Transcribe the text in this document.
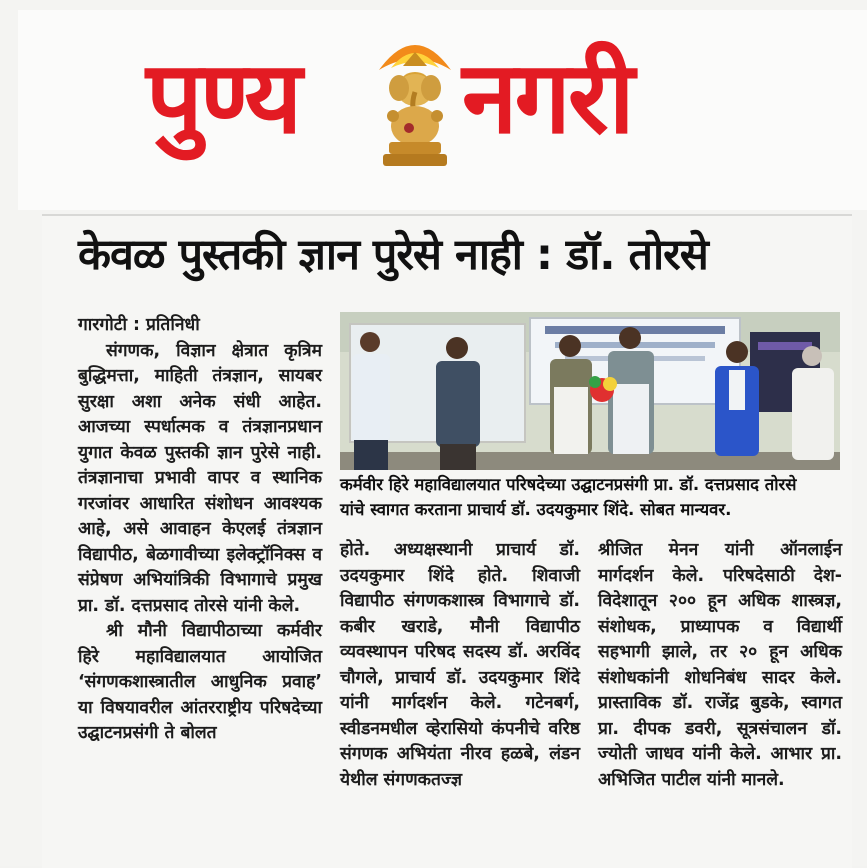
पुण्य नगरी
केवळ पुस्तकी ज्ञान पुरेसे नाही : डॉ. तोरसे

गारगोटी : प्रतिनिधी

संगणक, विज्ञान क्षेत्रात कृत्रिम बुद्धिमत्ता, माहिती तंत्रज्ञान, सायबर सुरक्षा अशा अनेक संधी आहेत. आजच्या स्पर्धात्मक व तंत्रज्ञानप्रधान युगात केवळ पुस्तकी ज्ञान पुरेसे नाही. तंत्रज्ञानाचा प्रभावी वापर व स्थानिक गरजांवर आधारित संशोधन आवश्यक आहे, असे आवाहन केएलई तंत्रज्ञान विद्यापीठ, बेळगावीच्या इलेक्ट्रॉनिक्स व संप्रेषण अभियांत्रिकी विभागाचे प्रमुख प्रा. डॉ. दत्तप्रसाद तोरसे यांनी केले.

श्री मौनी विद्यापीठाच्या कर्मवीर हिरे महाविद्यालयात आयोजित ‘संगणकशास्त्रातील आधुनिक प्रवाह’ या विषयावरील आंतरराष्ट्रीय परिषदेच्या उद्घाटनप्रसंगी ते बोलत

कर्मवीर हिरे महाविद्यालयात परिषदेच्या उद्घाटनप्रसंगी प्रा. डॉ. दत्तप्रसाद तोरसे

यांचे स्वागत करताना प्राचार्य डॉ. उदयकुमार शिंदे. सोबत मान्यवर.

होते. अध्यक्षस्थानी प्राचार्य डॉ. उदयकुमार शिंदे होते. शिवाजी विद्यापीठ संगणकशास्त्र विभागाचे डॉ. कबीर खराडे, मौनी विद्यापीठ व्यवस्थापन परिषद सदस्य डॉ. अरविंद चौगले, प्राचार्य डॉ. उदयकुमार शिंदे यांनी मार्गदर्शन केले. गटेनबर्ग, स्वीडनमधील व्हेरासियो कंपनीचे वरिष्ठ संगणक अभियंता नीरव हळबे, लंडन येथील संगणकतज्ज्ञ

श्रीजित मेनन यांनी ऑनलाईन मार्गदर्शन केले. परिषदेसाठी देश-विदेशातून २०० हून अधिक शास्त्रज्ञ, संशोधक, प्राध्यापक व विद्यार्थी सहभागी झाले, तर २० हून अधिक संशोधकांनी शोधनिबंध सादर केले. प्रास्ताविक डॉ. राजेंद्र बुडके, स्वागत प्रा. दीपक डवरी, सूत्रसंचालन डॉ. ज्योती जाधव यांनी केले. आभार प्रा. अभिजित पाटील यांनी मानले.
